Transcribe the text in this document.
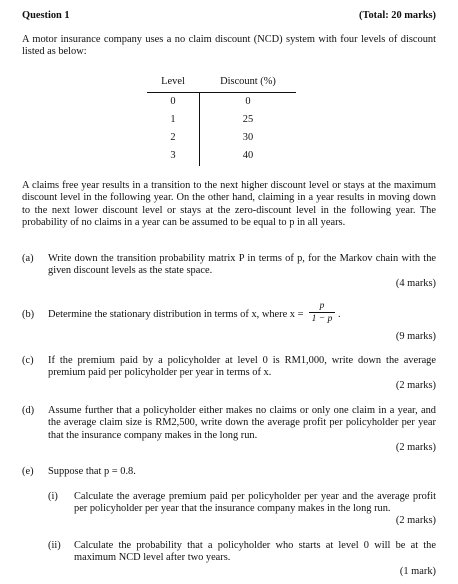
Question 1	(Total: 20 marks)
A motor insurance company uses a no claim discount (NCD) system with four levels of discount listed as below:
Level	Discount (%)
0	0
1	25
2	30
3	40
A claims free year results in a transition to the next higher discount level or stays at the maximum discount level in the following year. On the other hand, claiming in a year results in moving down to the next lower discount level or stays at the zero-discount level in the following year. The probability of no claims in a year can be assumed to be equal to p in all years.
(a) Write down the transition probability matrix P in terms of p, for the Markov chain with the given discount levels as the state space.
(4 marks)
(b) Determine the stationary distribution in terms of x, where x =
p
1 − p .
(9 marks)
(c) If the premium paid by a policyholder at level 0 is RM1,000, write down the average premium paid per policyholder per year in terms of x.
(2 marks)
(d) Assume further that a policyholder either makes no claims or only one claim in a year, and the average claim size is RM2,500, write down the average profit per policyholder per year that the insurance company makes in the long run.
(2 marks)
(e) Suppose that p = 0.8.
(i) Calculate the average premium paid per policyholder per year and the average profit per policyholder per year that the insurance company makes in the long run.
(2 marks)
(ii) Calculate the probability that a policyholder who starts at level 0 will be at the maximum NCD level after two years.
(1 mark)
